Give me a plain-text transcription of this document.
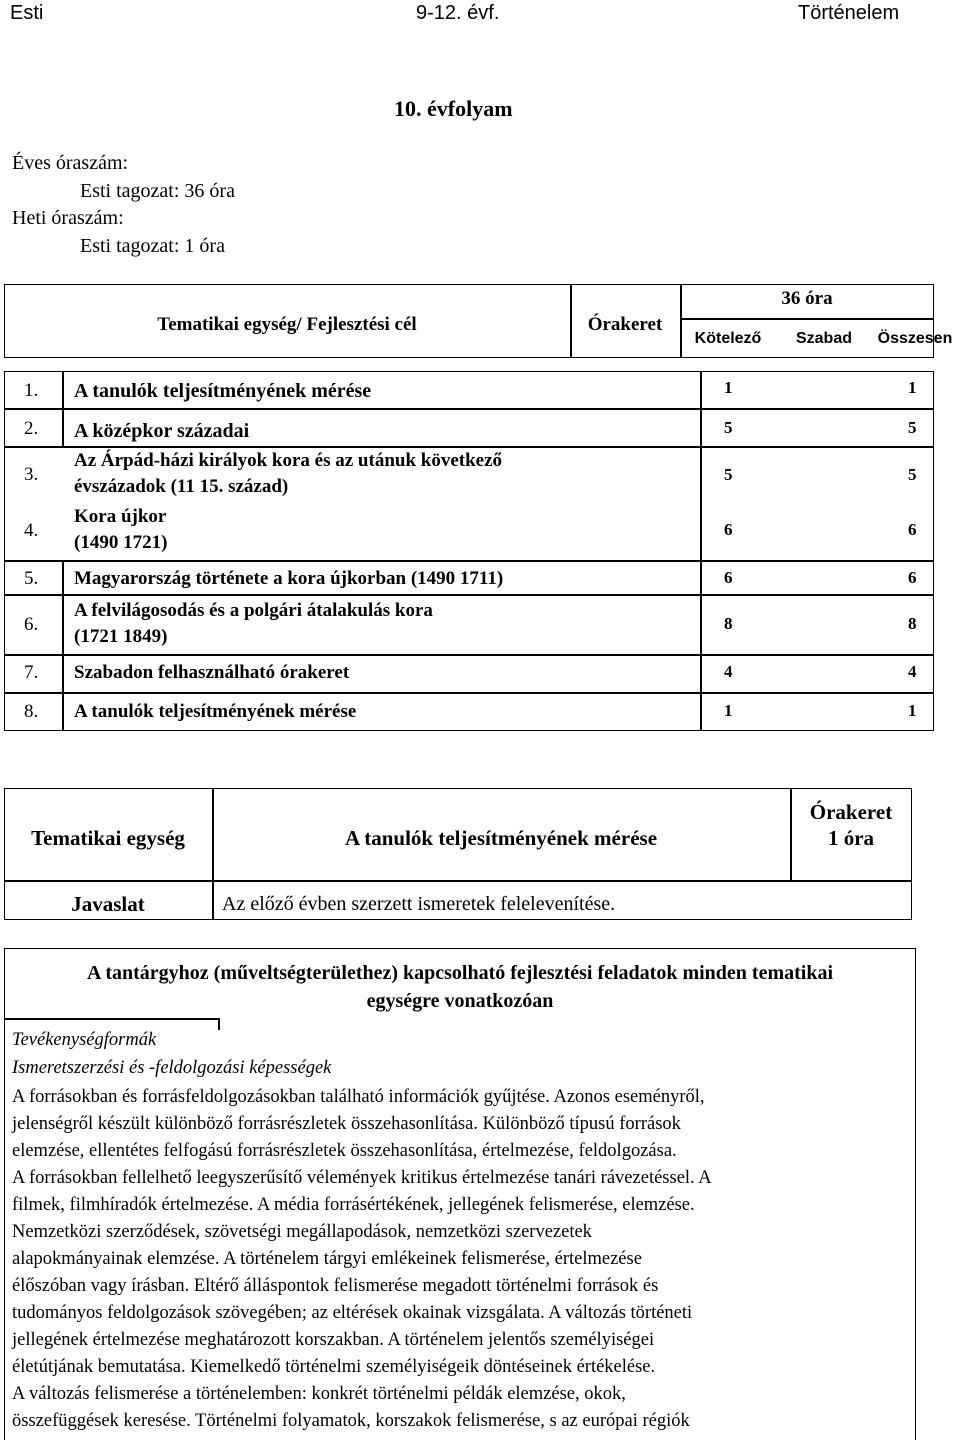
Esti	9-12. évf.	Történelem
10. évfolyam
Éves óraszám:
Esti tagozat: 36 óra
Heti óraszám:
Esti tagozat: 1 óra
Tematikai egység/ Fejlesztési cél	Órakeret
36 óra
Kötelező	Szabad	Összesen
1. A tanulók teljesítményének mérése	1	1
2. A középkor századai	5	5
3.
Az Árpád-házi királyok kora és az utánuk következő
évszázadok (11 15. század)
5	5
4.
Kora újkor
(1490 1721)
6	6
5. Magyarország története a kora újkorban (1490 1711)	6	6
6.
A felvilágosodás és a polgári átalakulás kora
(1721 1849)
8	8
7. Szabadon felhasználható órakeret	4	4
8. A tanulók teljesítményének mérése	1	1
Tematikai egység	A tanulók teljesítményének mérése
Órakeret
1 óra
Javaslat	Az előző évben szerzett ismeretek felelevenítése.
A tantárgyhoz (műveltségterülethez) kapcsolható fejlesztési feladatok minden tematikai
egységre vonatkozóan
Tevékenységformák
Ismeretszerzési és -feldolgozási képességek
A forrásokban és forrásfeldolgozásokban található információk gyűjtése. Azonos eseményről,
jelenségről készült különböző forrásrészletek összehasonlítása. Különböző típusú források
elemzése, ellentétes felfogású forrásrészletek összehasonlítása, értelmezése, feldolgozása.
A forrásokban fellelhető leegyszerűsítő vélemények kritikus értelmezése tanári rávezetéssel. A
filmek, filmhíradók értelmezése. A média forrásértékének, jellegének felismerése, elemzése.
Nemzetközi szerződések, szövetségi megállapodások, nemzetközi szervezetek
alapokmányainak elemzése. A történelem tárgyi emlékeinek felismerése, értelmezése
élőszóban vagy írásban. Eltérő álláspontok felismerése megadott történelmi források és
tudományos feldolgozások szövegében; az eltérések okainak vizsgálata. A változás történeti
jellegének értelmezése meghatározott korszakban. A történelem jelentős személyiségei
életútjának bemutatása. Kiemelkedő történelmi személyiségeik döntéseinek értékelése.
A változás felismerése a történelemben: konkrét történelmi példák elemzése, okok,
összefüggések keresése. Történelmi folyamatok, korszakok felismerése, s az európai régiók
